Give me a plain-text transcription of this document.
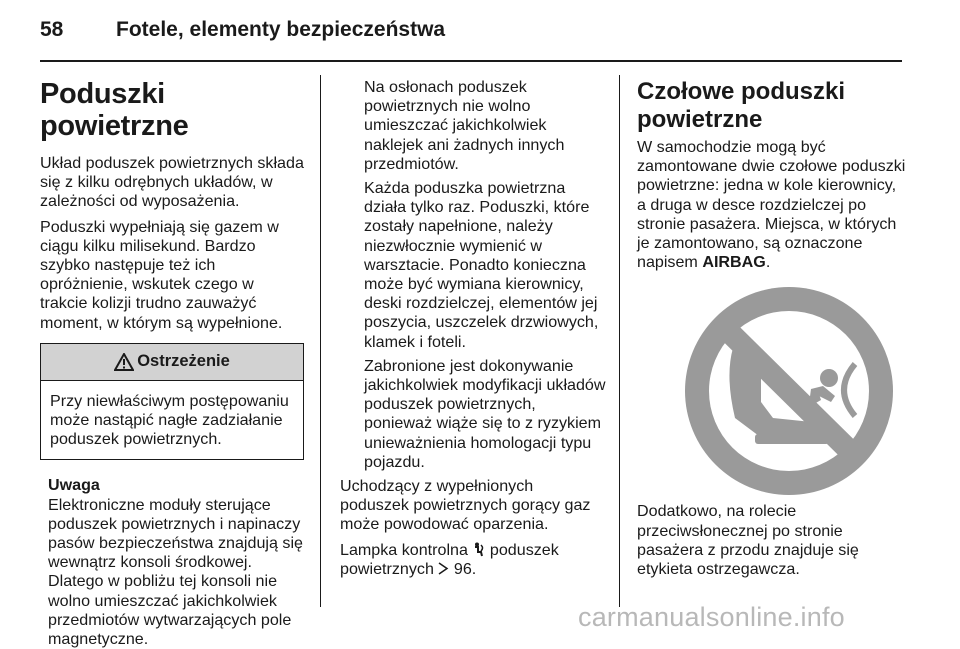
58	Fotele, elementy bezpieczeństwa
Poduszki powietrzne

Układ poduszek powietrznych składa się z kilku odrębnych układów, w zależności od wyposażenia.

Poduszki wypełniają się gazem w ciągu kilku milisekund. Bardzo szybko następuje też ich opróżnienie, wskutek czego w trakcie kolizji trudno zauważyć moment, w którym są wypełnione.

Ostrzeżenie
Przy niewłaściwym postępowaniu może nastąpić nagłe zadziałanie poduszek powietrznych.
Uwaga
Elektroniczne moduły sterujące poduszek powietrznych i napinaczy pasów bezpieczeństwa znajdują się wewnątrz konsoli środkowej. Dlatego w pobliżu tej konsoli nie wolno umieszczać jakichkolwiek przedmiotów wytwarzających pole magnetyczne.

Na osłonach poduszek powietrznych nie wolno umieszczać jakichkolwiek naklejek ani żadnych innych przedmiotów.

Każda poduszka powietrzna działa tylko raz. Poduszki, które zostały napełnione, należy niezwłocznie wymienić w warsztacie. Ponadto konieczna może być wymiana kierownicy, deski rozdzielczej, elementów jej poszycia, uszczelek drzwiowych, klamek i foteli.

Zabronione jest dokonywanie jakichkolwiek modyfikacji układów poduszek powietrznych, ponieważ wiąże się to z ryzykiem unieważnienia homologacji typu pojazdu.

Uchodzący z wypełnionych poduszek powietrznych gorący gaz może powodować oparzenia.

Lampka kontrolna poduszek powietrznych 96.

Czołowe poduszki powietrzne

W samochodzie mogą być zamontowane dwie czołowe poduszki powietrzne: jedna w kole kierownicy, a druga w desce rozdzielczej po stronie pasażera. Miejsca, w których je zamontowano, są oznaczone napisem AIRBAG.

Dodatkowo, na rolecie przeciwsłonecznej po stronie pasażera z przodu znajduje się etykieta ostrzegawcza.

carmanualsonline.info
